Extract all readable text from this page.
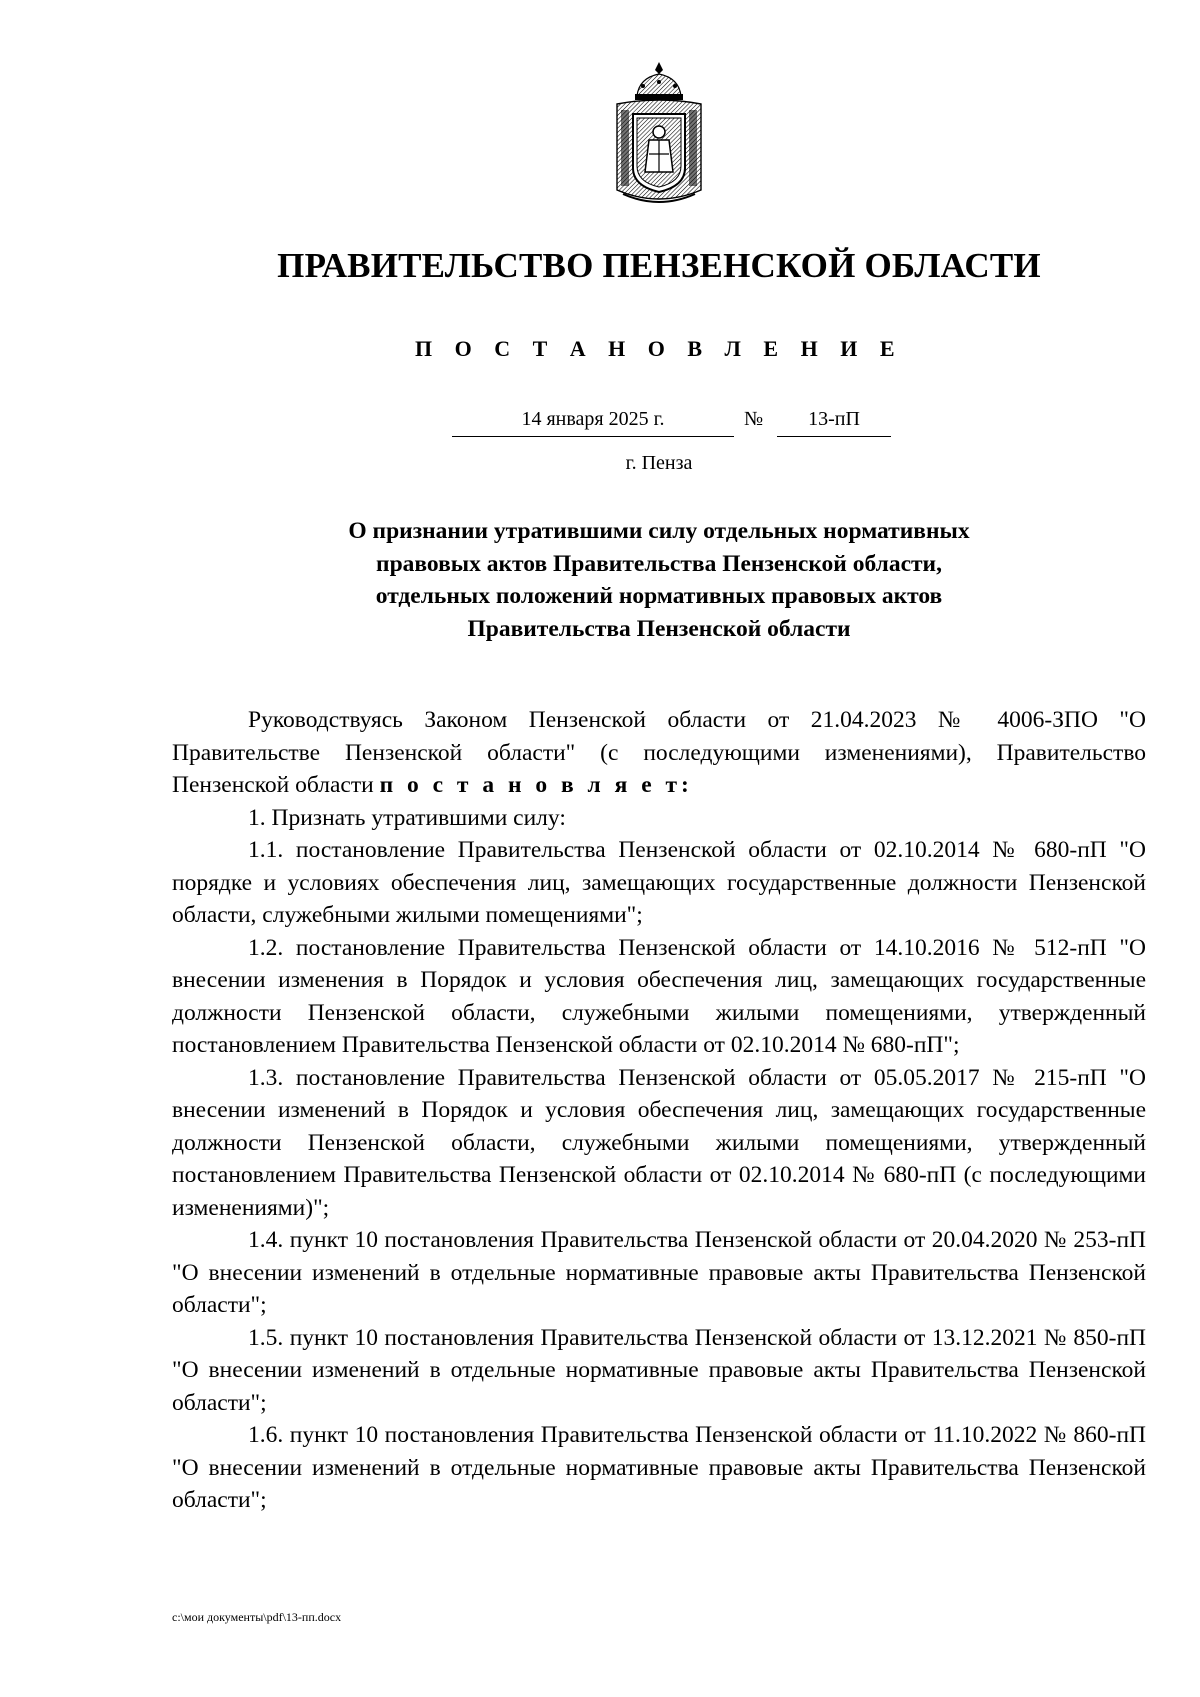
ПРАВИТЕЛЬСТВО ПЕНЗЕНСКОЙ ОБЛАСТИ
П О С Т А Н О В Л Е Н И Е
14 января 2025 г.	№	13-пП
г. Пенза
О признании утратившими силу отдельных нормативных
правовых актов Правительства Пензенской области,
отдельных положений нормативных правовых актов
Правительства Пензенской области

Руководствуясь Законом Пензенской области от 21.04.2023 № 4006-ЗПО "О Правительстве Пензенской области" (с последующими изменениями), Правительство Пензенской области п о с т а н о в л я е т:

1. Признать утратившими силу:

1.1. постановление Правительства Пензенской области от 02.10.2014 № 680-пП "О порядке и условиях обеспечения лиц, замещающих государственные должности Пензенской области, служебными жилыми помещениями";

1.2. постановление Правительства Пензенской области от 14.10.2016 № 512-пП "О внесении изменения в Порядок и условия обеспечения лиц, замещающих государственные должности Пензенской области, служебными жилыми помещениями, утвержденный постановлением Правительства Пензенской области от 02.10.2014 № 680-пП";

1.3. постановление Правительства Пензенской области от 05.05.2017 № 215-пП "О внесении изменений в Порядок и условия обеспечения лиц, замещающих государственные должности Пензенской области, служебными жилыми помещениями, утвержденный постановлением Правительства Пензенской области от 02.10.2014 № 680-пП (с последующими изменениями)";

1.4. пункт 10 постановления Правительства Пензенской области от 20.04.2020 № 253-пП "О внесении изменений в отдельные нормативные правовые акты Правительства Пензенской области";

1.5. пункт 10 постановления Правительства Пензенской области от 13.12.2021 № 850-пП "О внесении изменений в отдельные нормативные правовые акты Правительства Пензенской области";

1.6. пункт 10 постановления Правительства Пензенской области от 11.10.2022 № 860-пП "О внесении изменений в отдельные нормативные правовые акты Правительства Пензенской области";

c:\мои документы\pdf\13-пп.docx
